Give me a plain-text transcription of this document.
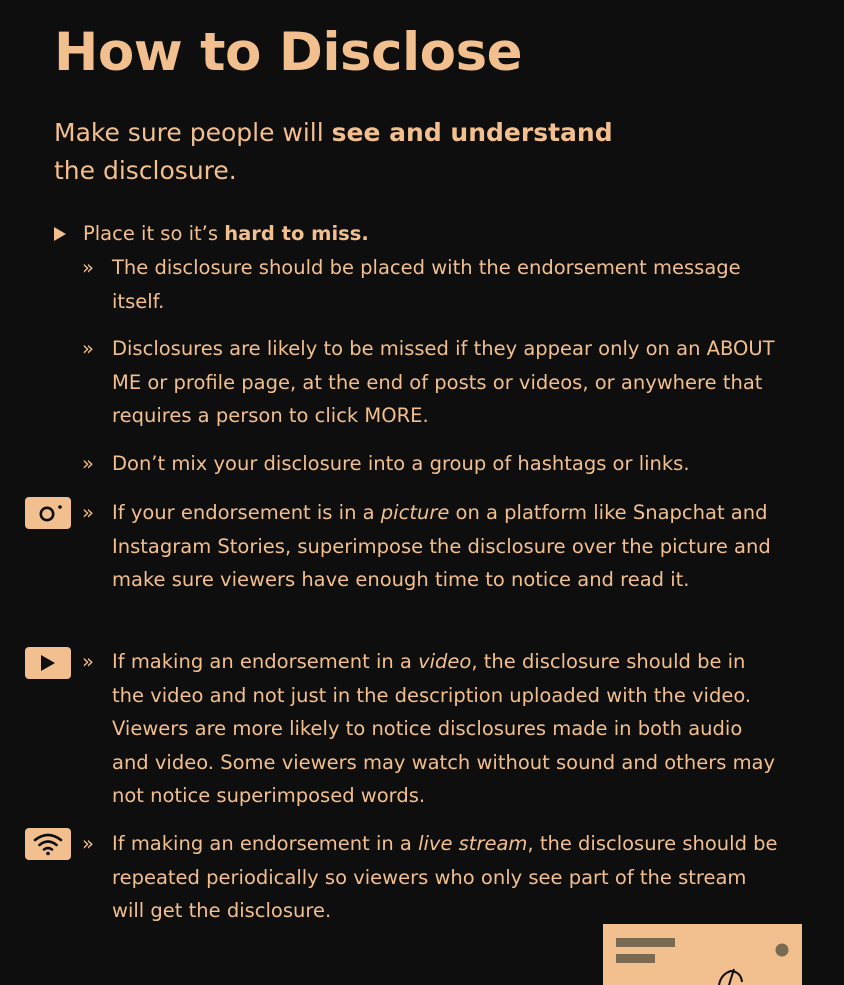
How to Disclose

Make sure people will see and understand
the disclosure.

Place it so it’s hard to miss.
» The disclosure should be placed with the endorsement message itself.
» Disclosures are likely to be missed if they appear only on an ABOUT ME or profile page, at the end of posts or videos, or anywhere that requires a person to click MORE.
» Don’t mix your disclosure into a group of hashtags or links.
» If your endorsement is in a picture on a platform like Snapchat and Instagram Stories, superimpose the disclosure over the picture and make sure viewers have enough time to notice and read it.
» If making an endorsement in a video, the disclosure should be in the video and not just in the description uploaded with the video. Viewers are more likely to notice disclosures made in both audio and video. Some viewers may watch without sound and others may not notice superimposed words.
» If making an endorsement in a live stream, the disclosure should be repeated periodically so viewers who only see part of the stream will get the disclosure.
